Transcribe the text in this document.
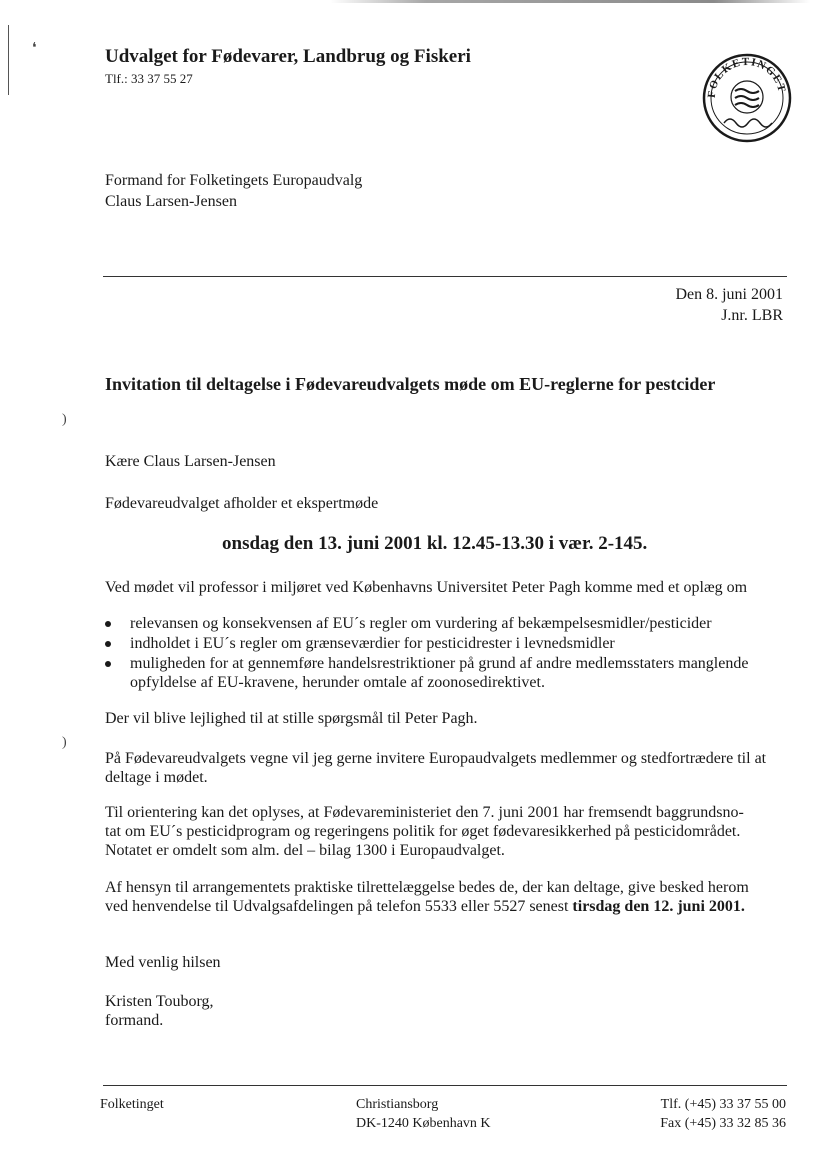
❛
)
)
Udvalget for Fødevarer, Landbrug og Fiskeri
Tlf.: 33 37 55 27
FOLKETINGET
Formand for Folketingets Europaudvalg
Claus Larsen-Jensen
Den 8. juni 2001
J.nr. LBR
Invitation til deltagelse i Fødevareudvalgets møde om EU-reglerne for pestcider
Kære Claus Larsen-Jensen
Fødevareudvalget afholder et ekspertmøde
onsdag den 13. juni 2001 kl. 12.45-13.30 i vær. 2-145.
Ved mødet vil professor i miljøret ved Københavns Universitet Peter Pagh komme med et oplæg om
relevansen og konsekvensen af EU´s regler om vurdering af bekæmpelsesmidler/pesticider
indholdet i EU´s regler om grænseværdier for pesticidrester i levnedsmidler
muligheden for at gennemføre handelsrestriktioner på grund af andre medlemsstaters manglende opfyldelse af EU-kravene, herunder omtale af zoonosedirektivet.
Der vil blive lejlighed til at stille spørgsmål til Peter Pagh.
På Fødevareudvalgets vegne vil jeg gerne invitere Europaudvalgets medlemmer og stedfortrædere til at deltage i mødet.
Til orientering kan det oplyses, at Fødevareministeriet den 7. juni 2001 har fremsendt baggrundsno-
tat om EU´s pesticidprogram og regeringens politik for øget fødevaresikkerhed på pesticidområdet.
Notatet er omdelt som alm. del – bilag 1300 i Europaudvalget.
Af hensyn til arrangementets praktiske tilrettelæggelse bedes de, der kan deltage, give besked herom
ved henvendelse til Udvalgsafdelingen på telefon 5533 eller 5527 senest tirsdag den 12. juni 2001.
Med venlig hilsen
Kristen Touborg,
formand.
Folketinget	Christiansborg
DK-1240 København K
Tlf. (+45) 33 37 55 00
Fax (+45) 33 32 85 36
